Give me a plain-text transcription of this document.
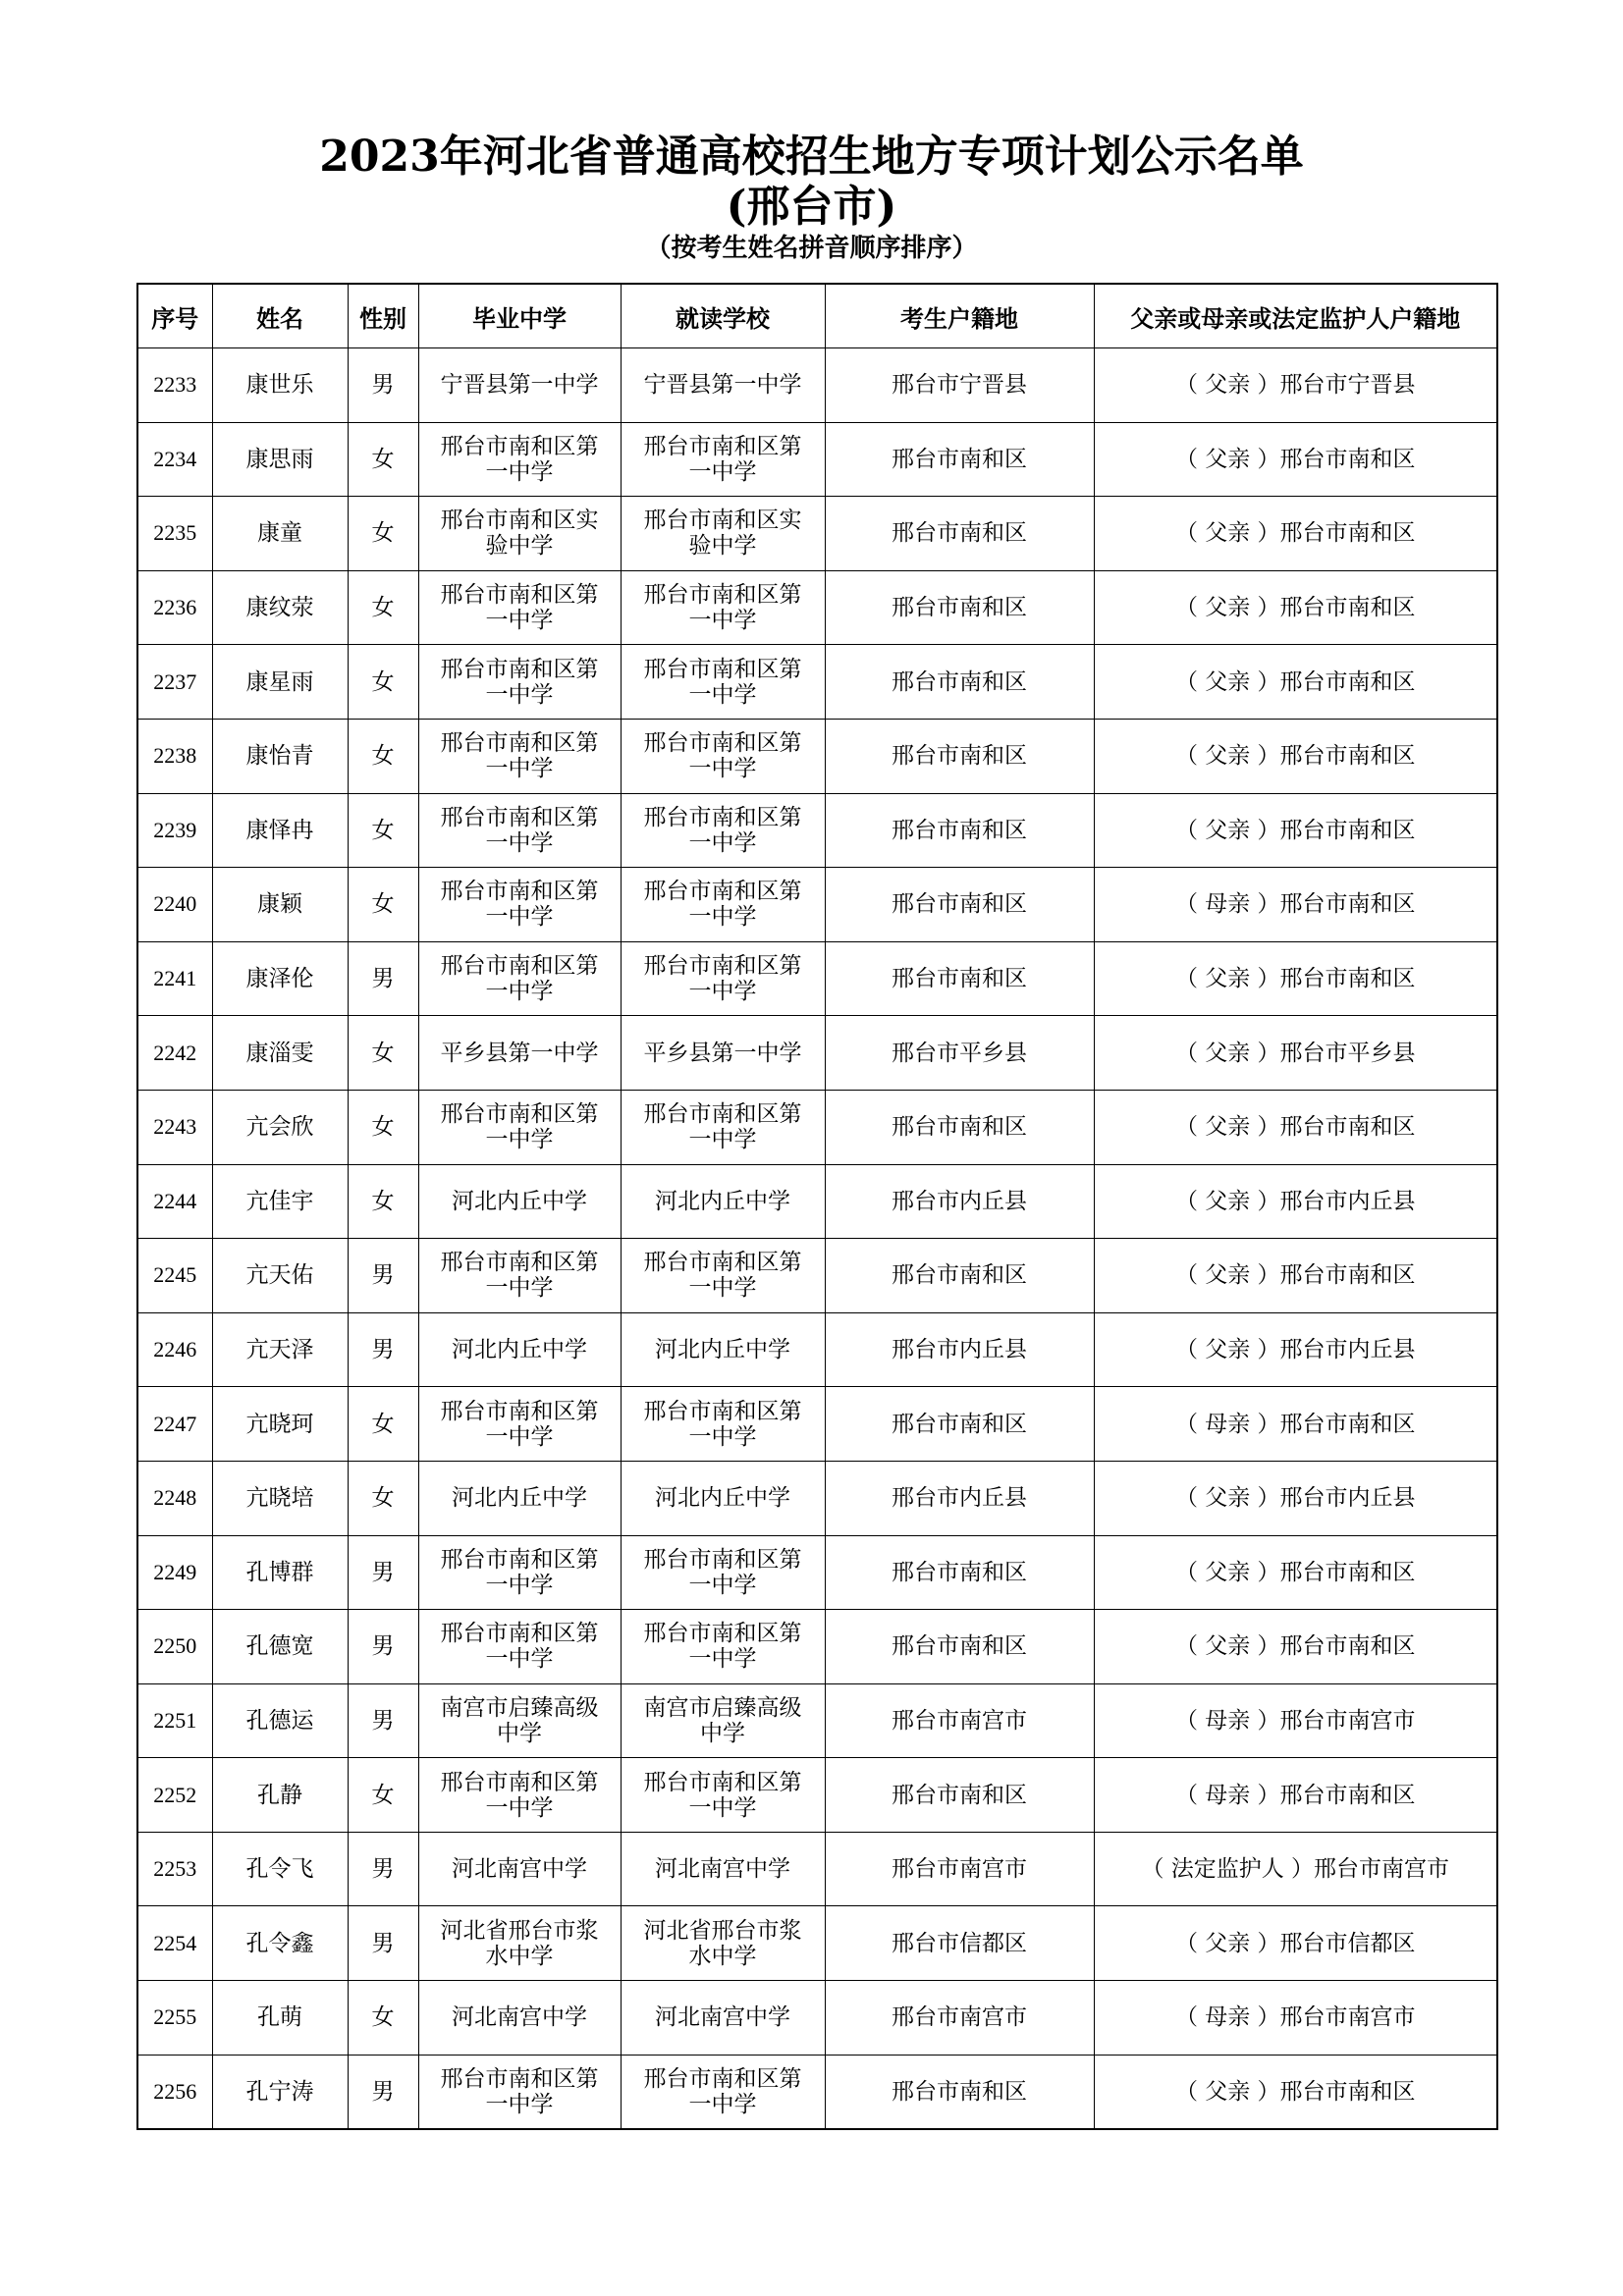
2023年河北省普通高校招生地方专项计划公示名单
(邢台市)
（按考生姓名拼音顺序排序）
序号	姓名	性别	毕业中学	就读学校	考生户籍地	父亲或母亲或法定监护人户籍地
2233	康世乐	男	宁晋县第一中学	宁晋县第一中学	邢台市宁晋县	（ 父亲 ）邢台市宁晋县
2234	康思雨	女	邢台市南和区第一中学	邢台市南和区第一中学	邢台市南和区	（ 父亲 ）邢台市南和区
2235	康童	女	邢台市南和区实验中学	邢台市南和区实验中学	邢台市南和区	（ 父亲 ）邢台市南和区
2236	康纹荥	女	邢台市南和区第一中学	邢台市南和区第一中学	邢台市南和区	（ 父亲 ）邢台市南和区
2237	康星雨	女	邢台市南和区第一中学	邢台市南和区第一中学	邢台市南和区	（ 父亲 ）邢台市南和区
2238	康怡青	女	邢台市南和区第一中学	邢台市南和区第一中学	邢台市南和区	（ 父亲 ）邢台市南和区
2239	康怿冉	女	邢台市南和区第一中学	邢台市南和区第一中学	邢台市南和区	（ 父亲 ）邢台市南和区
2240	康颖	女	邢台市南和区第一中学	邢台市南和区第一中学	邢台市南和区	（ 母亲 ）邢台市南和区
2241	康泽伦	男	邢台市南和区第一中学	邢台市南和区第一中学	邢台市南和区	（ 父亲 ）邢台市南和区
2242	康淄雯	女	平乡县第一中学	平乡县第一中学	邢台市平乡县	（ 父亲 ）邢台市平乡县
2243	亢会欣	女	邢台市南和区第一中学	邢台市南和区第一中学	邢台市南和区	（ 父亲 ）邢台市南和区
2244	亢佳宇	女	河北内丘中学	河北内丘中学	邢台市内丘县	（ 父亲 ）邢台市内丘县
2245	亢天佑	男	邢台市南和区第一中学	邢台市南和区第一中学	邢台市南和区	（ 父亲 ）邢台市南和区
2246	亢天泽	男	河北内丘中学	河北内丘中学	邢台市内丘县	（ 父亲 ）邢台市内丘县
2247	亢晓珂	女	邢台市南和区第一中学	邢台市南和区第一中学	邢台市南和区	（ 母亲 ）邢台市南和区
2248	亢晓培	女	河北内丘中学	河北内丘中学	邢台市内丘县	（ 父亲 ）邢台市内丘县
2249	孔博群	男	邢台市南和区第一中学	邢台市南和区第一中学	邢台市南和区	（ 父亲 ）邢台市南和区
2250	孔德宽	男	邢台市南和区第一中学	邢台市南和区第一中学	邢台市南和区	（ 父亲 ）邢台市南和区
2251	孔德运	男	南宫市启臻高级中学	南宫市启臻高级中学	邢台市南宫市	（ 母亲 ）邢台市南宫市
2252	孔静	女	邢台市南和区第一中学	邢台市南和区第一中学	邢台市南和区	（ 母亲 ）邢台市南和区
2253	孔令飞	男	河北南宫中学	河北南宫中学	邢台市南宫市	（ 法定监护人 ）邢台市南宫市
2254	孔令鑫	男	河北省邢台市浆水中学	河北省邢台市浆水中学	邢台市信都区	（ 父亲 ）邢台市信都区
2255	孔萌	女	河北南宫中学	河北南宫中学	邢台市南宫市	（ 母亲 ）邢台市南宫市
2256	孔宁涛	男	邢台市南和区第一中学	邢台市南和区第一中学	邢台市南和区	（ 父亲 ）邢台市南和区
